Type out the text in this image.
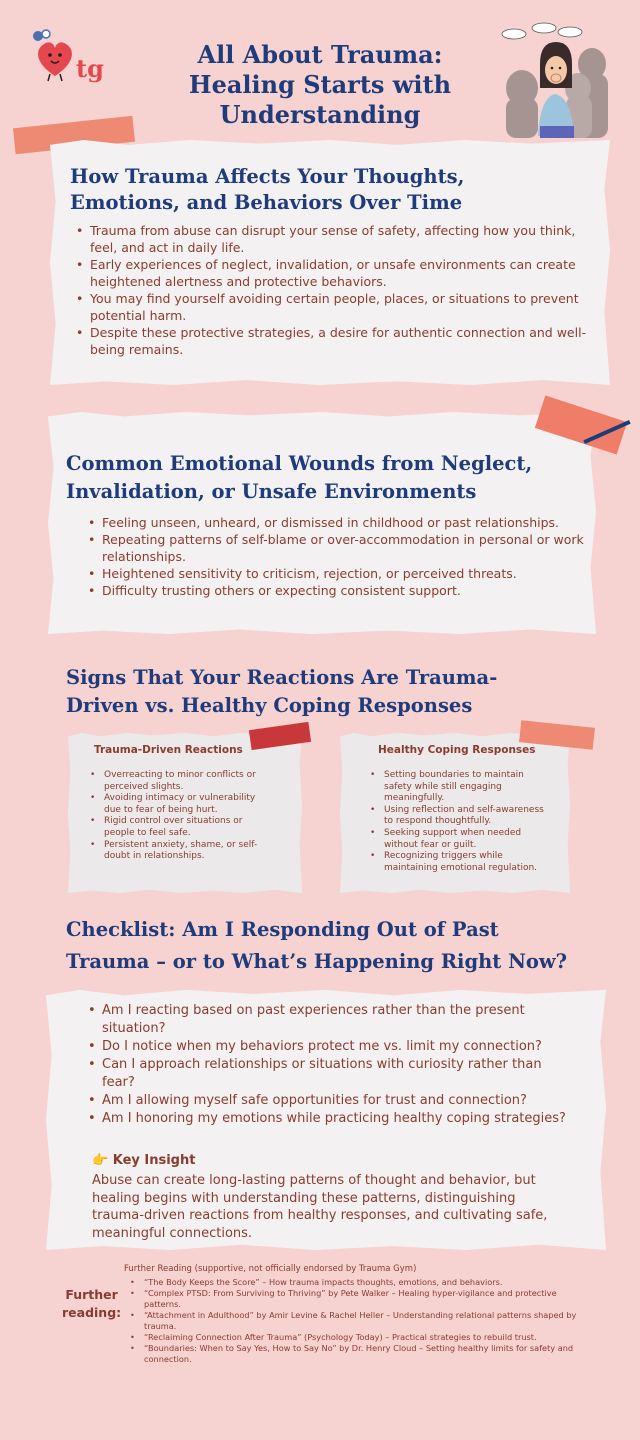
tg	All About Trauma:
Healing Starts with
Understanding
How Trauma Affects Your Thoughts,
Emotions, and Behaviors Over Time
• Trauma from abuse can disrupt your sense of safety, affecting how you think, feel, and act in daily life.
• Early experiences of neglect, invalidation, or unsafe environments can create heightened alertness and protective behaviors.
• You may find yourself avoiding certain people, places, or situations to prevent potential harm.
• Despite these protective strategies, a desire for authentic connection and well-being remains.
Common Emotional Wounds from Neglect,
Invalidation, or Unsafe Environments
• Feeling unseen, unheard, or dismissed in childhood or past relationships.
• Repeating patterns of self-blame or over-accommodation in personal or work relationships.
• Heightened sensitivity to criticism, rejection, or perceived threats.
• Difficulty trusting others or expecting consistent support.
Signs That Your Reactions Are Trauma-
Driven vs. Healthy Coping Responses
Trauma-Driven Reactions
• Overreacting to minor conflicts or perceived slights.
• Avoiding intimacy or vulnerability due to fear of being hurt.
• Rigid control over situations or people to feel safe.
• Persistent anxiety, shame, or self-doubt in relationships.
Healthy Coping Responses
• Setting boundaries to maintain safety while still engaging meaningfully.
• Using reflection and self-awareness to respond thoughtfully.
• Seeking support when needed without fear or guilt.
• Recognizing triggers while maintaining emotional regulation.
Checklist: Am I Responding Out of Past
Trauma – or to What’s Happening Right Now?
• Am I reacting based on past experiences rather than the present situation?
• Do I notice when my behaviors protect me vs. limit my connection?
• Can I approach relationships or situations with curiosity rather than fear?
• Am I allowing myself safe opportunities for trust and connection?
• Am I honoring my emotions while practicing healthy coping strategies?
👉 Key Insight
Abuse can create long-lasting patterns of thought and behavior, but healing begins with understanding these patterns, distinguishing trauma-driven reactions from healthy responses, and cultivating safe, meaningful connections.
Further
reading:
Further Reading (supportive, not officially endorsed by Trauma Gym)
• “The Body Keeps the Score” – How trauma impacts thoughts, emotions, and behaviors.
• “Complex PTSD: From Surviving to Thriving” by Pete Walker – Healing hyper-vigilance and protective patterns.
• “Attachment in Adulthood” by Amir Levine & Rachel Heller – Understanding relational patterns shaped by trauma.
• “Reclaiming Connection After Trauma” (Psychology Today) – Practical strategies to rebuild trust.
• “Boundaries: When to Say Yes, How to Say No” by Dr. Henry Cloud – Setting healthy limits for safety and connection.
